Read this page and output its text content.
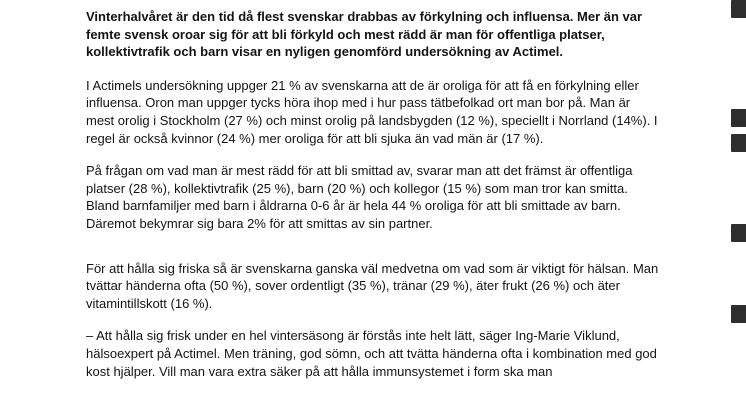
Vinterhalvåret är den tid då flest svenskar drabbas av förkylning och influensa. Mer än var femte svensk oroar sig för att bli förkyld och mest rädd är man för offentliga platser, kollektivtrafik och barn visar en nyligen genomförd undersökning av Actimel.

I Actimels undersökning uppger 21 % av svenskarna att de är oroliga för att få en förkylning eller influensa. Oron man uppger tycks höra ihop med i hur pass tätbefolkad ort man bor på. Man är mest orolig i Stockholm (27 %) och minst orolig på landsbygden (12 %), speciellt i Norrland (14%). I regel är också kvinnor (24 %) mer oroliga för att bli sjuka än vad män är (17 %).

På frågan om vad man är mest rädd för att bli smittad av, svarar man att det främst är offentliga platser (28 %), kollektivtrafik (25 %), barn (20 %) och kollegor (15 %) som man tror kan smitta. Bland barnfamiljer med barn i åldrarna 0-6 år är hela 44 % oroliga för att bli smittade av barn. Däremot bekymrar sig bara 2% för att smittas av sin partner.

För att hålla sig friska så är svenskarna ganska väl medvetna om vad som är viktigt för hälsan. Man tvättar händerna ofta (50 %), sover ordentligt (35 %), tränar (29 %), äter frukt (26 %) och äter vitamintillskott (16 %).

– Att hålla sig frisk under en hel vintersäsong är förstås inte helt lätt, säger Ing-Marie Viklund, hälsoexpert på Actimel. Men träning, god sömn, och att tvätta händerna ofta i kombination med god kost hjälper. Vill man vara extra säker på att hålla immunsystemet i form ska man
